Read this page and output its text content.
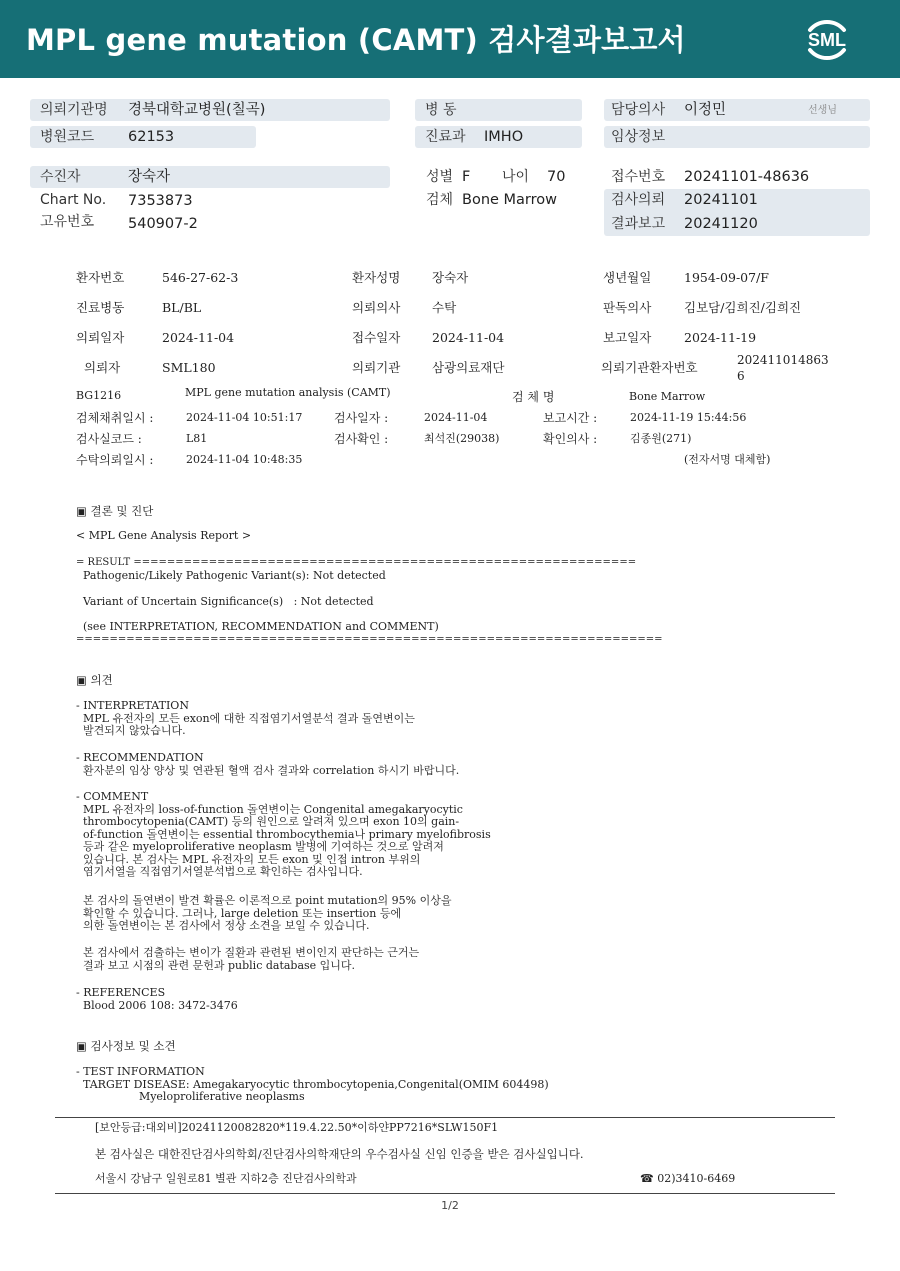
MPL gene mutation (CAMT) 검사결과보고서	SML
의뢰기관명 경북대학교병원(칠곡)
병원코드 62153
병 동
진료과 IMHO
담당의사 이정민	선생님
임상정보
수진자	장숙자
Chart No. 7353873
고유번호 540907-2
성별 F 나이 70
검체 Bone Marrow
접수번호 20241101-48636
검사의뢰 20241101
결과보고 20241120
환자번호	546-27-62-3	환자성명	장숙자	생년월일	1954-09-07/F
진료병동	BL/BL	의뢰의사	수탁	판독의사	김보담/김희진/김희진
의뢰일자	2024-11-04	접수일자	2024-11-04	보고일자	2024-11-19
의뢰자	SML180	의뢰기관	삼광의료재단	의뢰기관환자번호	202411014863
6
BG1216	MPL gene mutation analysis (CAMT)	검 체 명	Bone Marrow
검체채취일시 :	2024-11-04 10:51:17	검사일자 :	2024-11-04	보고시간 :	2024-11-19 15:44:56
검사실코드 :	L81	검사확인 :	최석진(29038)	확인의사 :	김종원(271)
수탁의뢰일시 :	2024-11-04 10:48:35	(전자서명 대체함)
▣ 결론 및 진단
< MPL Gene Analysis Report >
= RESULT ============================================================
Pathogenic/Likely Pathogenic Variant(s): Not detected
Variant of Uncertain Significance(s)   : Not detected
(see INTERPRETATION, RECOMMENDATION and COMMENT)
======================================================================
▣ 의견
- INTERPRETATION
MPL 유전자의 모든 exon에 대한 직접염기서열분석 결과 돌연변이는
발견되지 않았습니다.
- RECOMMENDATION
환자분의 임상 양상 및 연관된 혈액 검사 결과와 correlation 하시기 바랍니다.
- COMMENT
MPL 유전자의 loss-of-function 돌연변이는 Congenital amegakaryocytic
thrombocytopenia(CAMT) 등의 원인으로 알려져 있으며 exon 10의 gain-
of-function 돌연변이는 essential thrombocythemia나 primary myelofibrosis
등과 같은 myeloproliferative neoplasm 발병에 기여하는 것으로 알려져
있습니다. 본 검사는 MPL 유전자의 모든 exon 및 인접 intron 부위의
염기서열을 직접염기서열분석법으로 확인하는 검사입니다.
본 검사의 돌연변이 발견 확률은 이론적으로 point mutation의 95% 이상을
확인할 수 있습니다. 그러나, large deletion 또는 insertion 등에
의한 돌연변이는 본 검사에서 정상 소견을 보일 수 있습니다.
본 검사에서 검출하는 변이가 질환과 관련된 변이인지 판단하는 근거는
결과 보고 시점의 관련 문헌과 public database 입니다.
- REFERENCES
Blood 2006 108: 3472-3476
▣ 검사정보 및 소견
- TEST INFORMATION
TARGET DISEASE: Amegakaryocytic thrombocytopenia,Congenital(OMIM 604498)
Myeloproliferative neoplasms
[보안등급:대외비]20241120082820*119.4.22.50*이하얀PP7216*SLW150F1
본 검사실은 대한진단검사의학회/진단검사의학재단의 우수검사실 신임 인증을 받은 검사실입니다.
서울시 강남구 일원로81 별관 지하2층 진단검사의학과	☎ 02)3410-6469
1/2
